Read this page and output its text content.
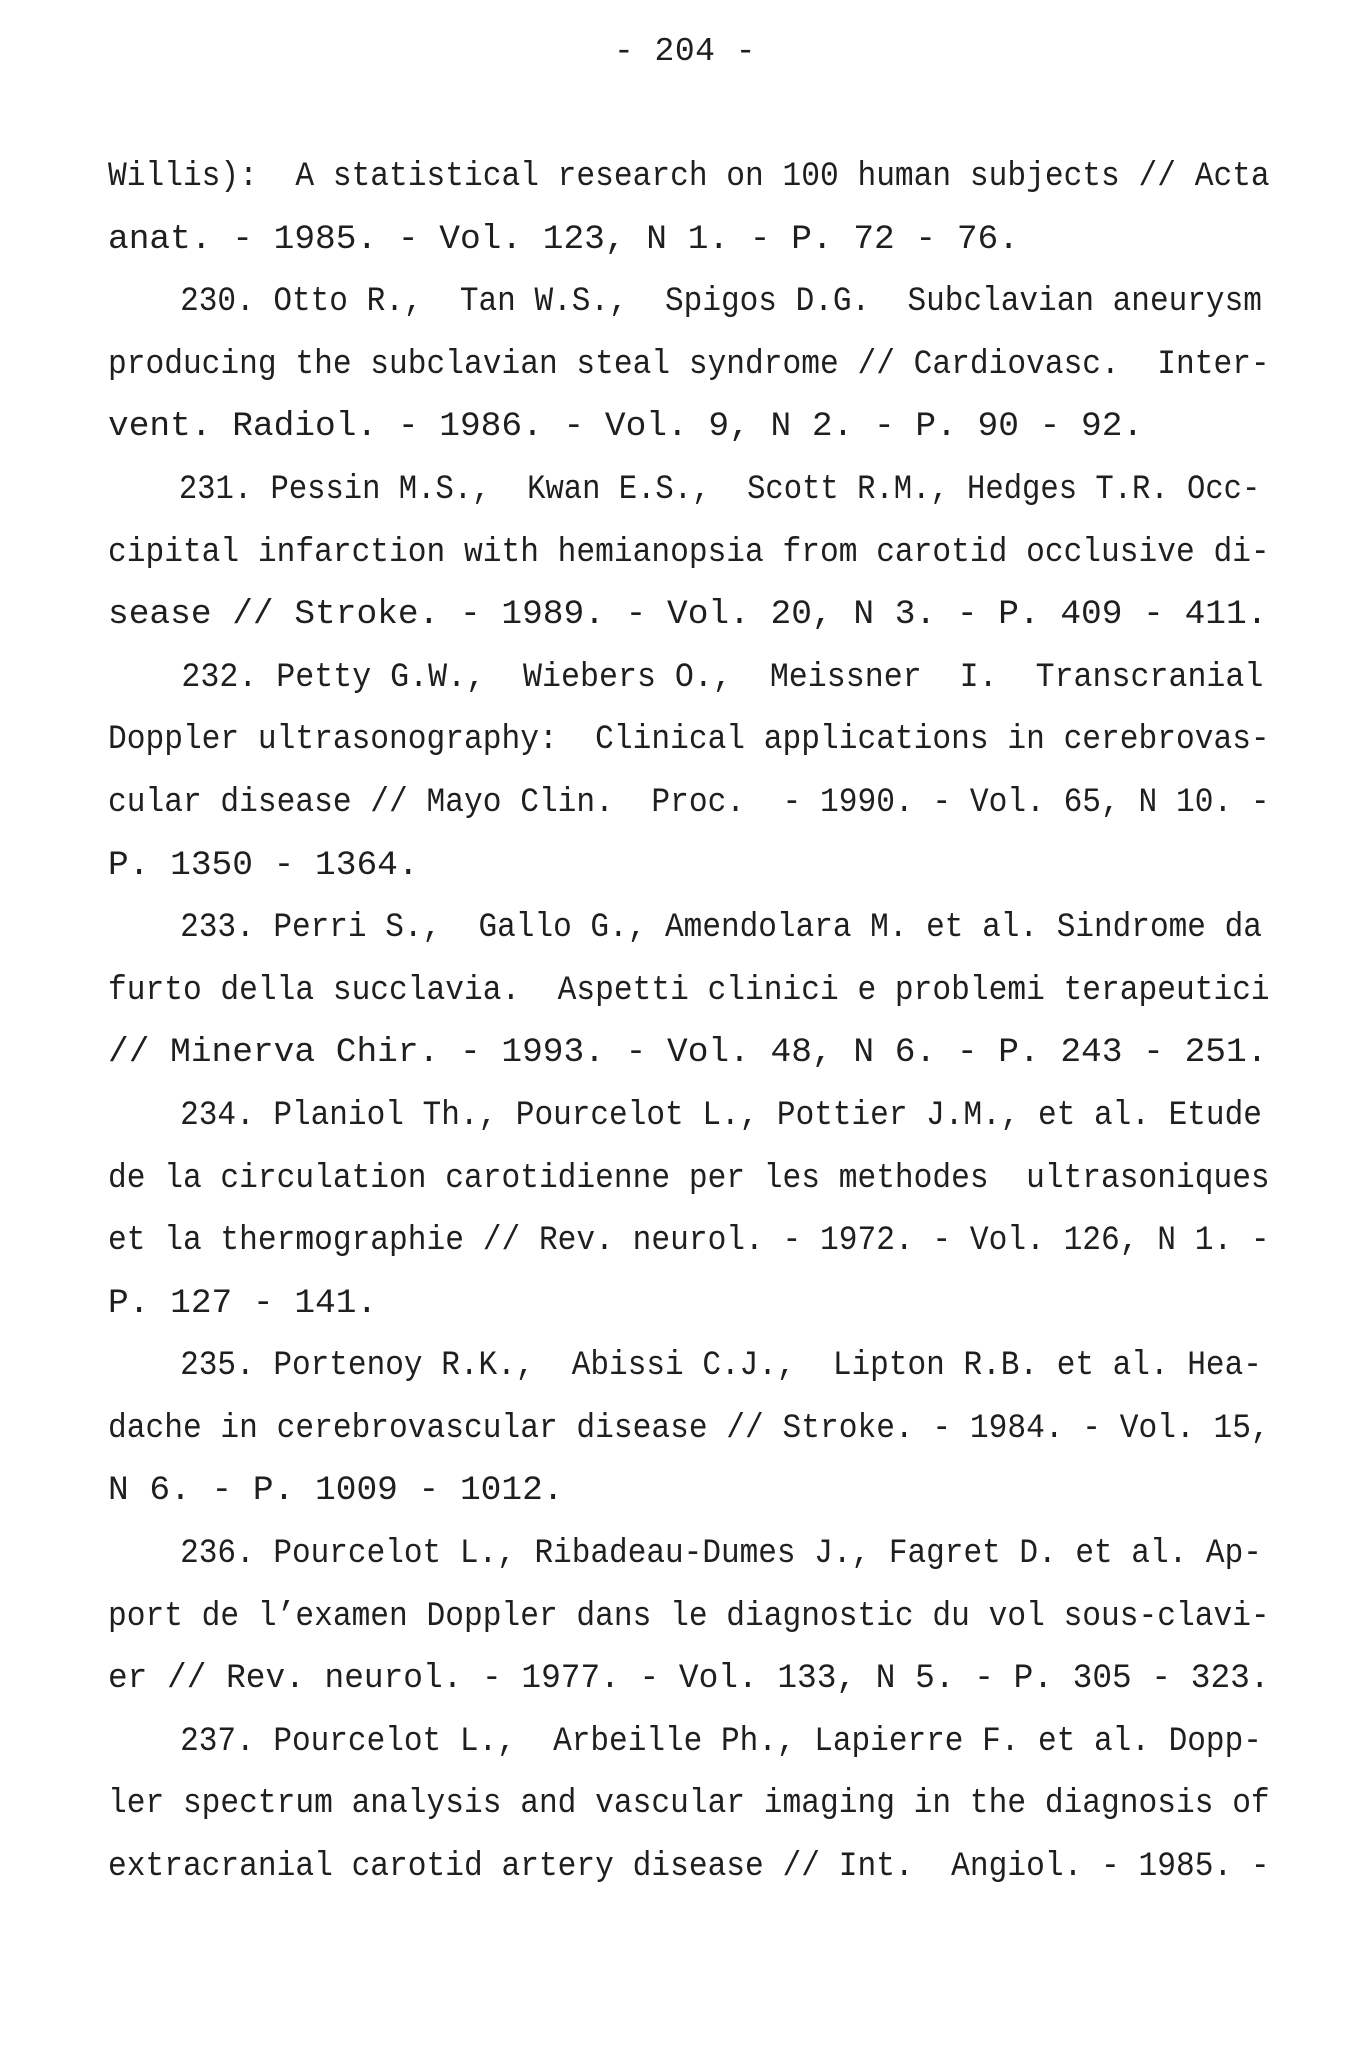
- 204 -
Willis):  A statistical research on 100 human subjects // Acta
anat. - 1985. - Vol. 123, N 1. - P. 72 - 76.
230. Otto R.,  Tan W.S.,  Spigos D.G.  Subclavian aneurysm
producing the subclavian steal syndrome // Cardiovasc.  Inter-
vent. Radiol. - 1986. - Vol. 9, N 2. - P. 90 - 92.
231. Pessin M.S.,  Kwan E.S.,  Scott R.M., Hedges T.R. Occ-
cipital infarction with hemianopsia from carotid occlusive di-
sease // Stroke. - 1989. - Vol. 20, N 3. - P. 409 - 411.
232. Petty G.W.,  Wiebers O.,  Meissner  I.  Transcranial
Doppler ultrasonography:  Clinical applications in cerebrovas-
cular disease // Mayo Clin.  Proc.  - 1990. - Vol. 65, N 10. -
P. 1350 - 1364.
233. Perri S.,  Gallo G., Amendolara M. et al. Sindrome da
furto della succlavia.  Aspetti clinici e problemi terapeutici
// Minerva Chir. - 1993. - Vol. 48, N 6. - P. 243 - 251.
234. Planiol Th., Pourcelot L., Pottier J.M., et al. Etude
de la circulation carotidienne per les methodes  ultrasoniques
et la thermographie // Rev. neurol. - 1972. - Vol. 126, N 1. -
P. 127 - 141.
235. Portenoy R.K.,  Abissi C.J.,  Lipton R.B. et al. Hea-
dache in cerebrovascular disease // Stroke. - 1984. - Vol. 15,
N 6. - P. 1009 - 1012.
236. Pourcelot L., Ribadeau-Dumes J., Fagret D. et al. Ap-
port de l’examen Doppler dans le diagnostic du vol sous-clavi-
er // Rev. neurol. - 1977. - Vol. 133, N 5. - P. 305 - 323.
237. Pourcelot L.,  Arbeille Ph., Lapierre F. et al. Dopp-
ler spectrum analysis and vascular imaging in the diagnosis of
extracranial carotid artery disease // Int.  Angiol. - 1985. -
